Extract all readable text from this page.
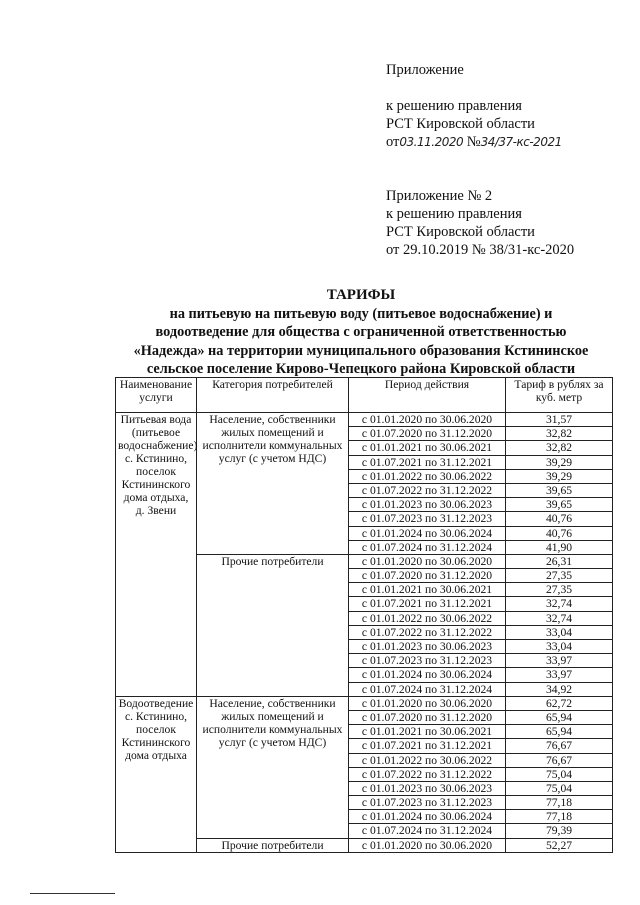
Приложение
к решению правления
РСТ Кировской области
от03.11.2020 №34/37-кс-2021
Приложение № 2
к решению правления
РСТ Кировской области
от 29.10.2019 № 38/31-кс-2020
ТАРИФЫ
на питьевую на питьевую воду (питьевое водоснабжение) и
водоотведение для общества с ограниченной ответственностью
«Надежда» на территории муниципального образования Кстининское
сельское поселение Кирово-Чепецкого района Кировской области
Наименование услуги	Категория потребителей	Период действия	Тариф в рублях за куб. метр
Питьевая вода (питьевое водоснабжение) с. Кстинино, поселок Кстининского дома отдыха, д. Звени	Население, собственники жилых помещений и исполнители коммунальных услуг (с учетом НДС)	с 01.01.2020 по 30.06.2020	31,57
		с 01.07.2020 по 31.12.2020	32,82
		с 01.01.2021 по 30.06.2021	32,82
		с 01.07.2021 по 31.12.2021	39,29
		с 01.01.2022 по 30.06.2022	39,29
		с 01.07.2022 по 31.12.2022	39,65
		с 01.01.2023 по 30.06.2023	39,65
		с 01.07.2023 по 31.12.2023	40,76
		с 01.01.2024 по 30.06.2024	40,76
		с 01.07.2024 по 31.12.2024	41,90
	Прочие потребители	с 01.01.2020 по 30.06.2020	26,31
		с 01.07.2020 по 31.12.2020	27,35
		с 01.01.2021 по 30.06.2021	27,35
		с 01.07.2021 по 31.12.2021	32,74
		с 01.01.2022 по 30.06.2022	32,74
		с 01.07.2022 по 31.12.2022	33,04
		с 01.01.2023 по 30.06.2023	33,04
		с 01.07.2023 по 31.12.2023	33,97
		с 01.01.2024 по 30.06.2024	33,97
		с 01.07.2024 по 31.12.2024	34,92
Водоотведение с. Кстинино, поселок Кстининского дома отдыха	Население, собственники жилых помещений и исполнители коммунальных услуг (с учетом НДС)	с 01.01.2020 по 30.06.2020	62,72
		с 01.07.2020 по 31.12.2020	65,94
		с 01.01.2021 по 30.06.2021	65,94
		с 01.07.2021 по 31.12.2021	76,67
		с 01.01.2022 по 30.06.2022	76,67
		с 01.07.2022 по 31.12.2022	75,04
		с 01.01.2023 по 30.06.2023	75,04
		с 01.07.2023 по 31.12.2023	77,18
		с 01.01.2024 по 30.06.2024	77,18
		с 01.07.2024 по 31.12.2024	79,39
	Прочие потребители	с 01.01.2020 по 30.06.2020	52,27
